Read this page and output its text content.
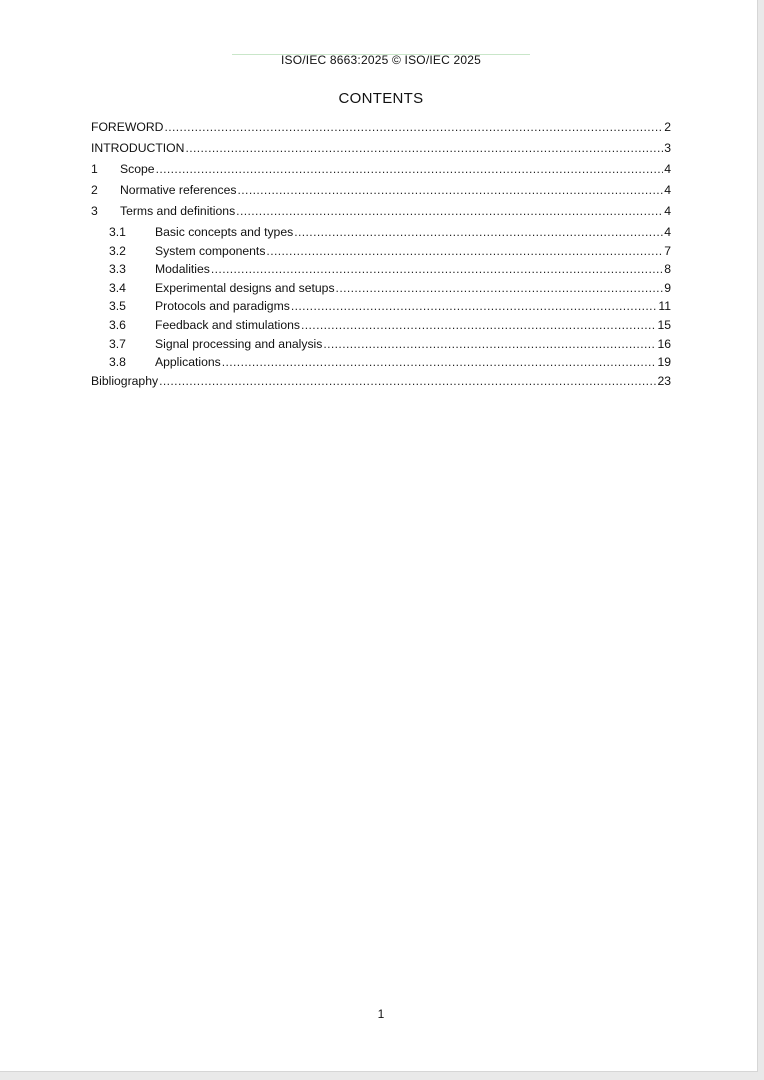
ISO/IEC 8663:2025 © ISO/IEC 2025
CONTENTS
FOREWORD . . .	2
INTRODUCTION . . .	3
1	Scope . . .	4
2	Normative references . . .	4
3	Terms and definitions . . .	4
3.1	Basic concepts and types . . .	4
3.2	System components . . .	7
3.3	Modalities . . .	8
3.4	Experimental designs and setups . . .	9
3.5	Protocols and paradigms . . .	11
3.6	Feedback and stimulations . . .	15
3.7	Signal processing and analysis . . .	16
3.8	Applications . . .	19
Bibliography . . .	23
1
